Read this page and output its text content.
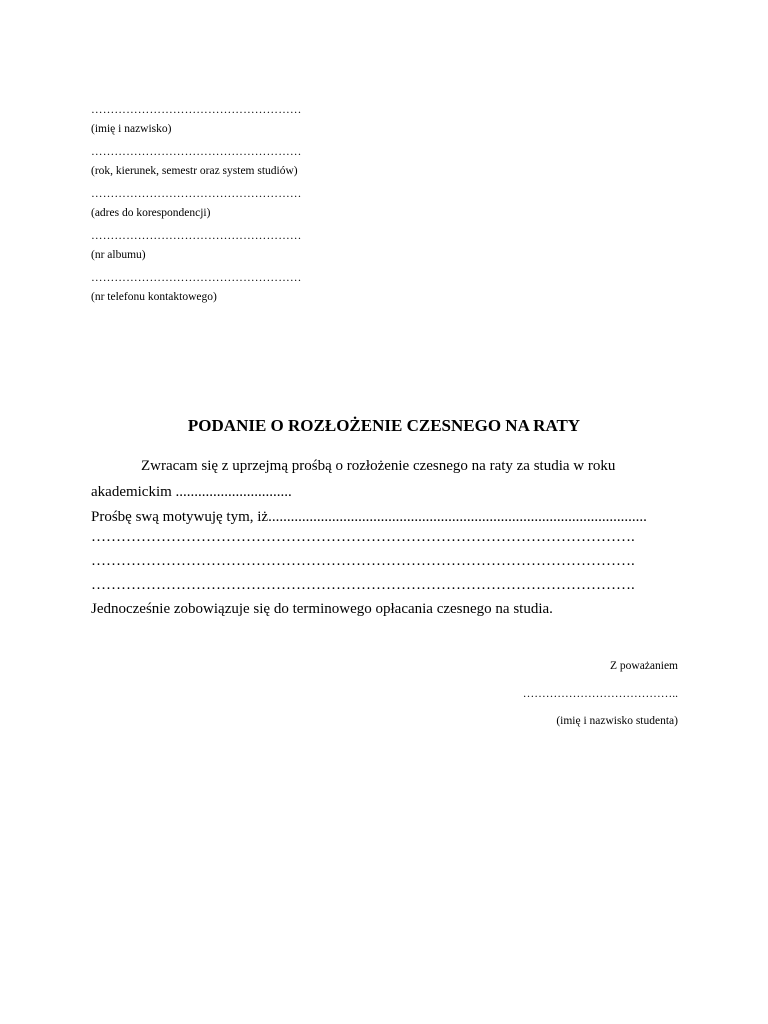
………………………………………………
(imię i nazwisko)
………………………………………………
(rok, kierunek, semestr oraz system studiów)
………………………………………………
(adres do korespondencji)
………………………………………………
(nr albumu)
………………………………………………
(nr telefonu kontaktowego)
PODANIE O ROZŁOŻENIE CZESNEGO NA RATY
Zwracam się z uprzejmą prośbą o rozłożenie czesnego na raty za studia w roku
akademickim ...............................
Prośbę swą motywuję tym, iż.....................................................................................................
……………………………………………………………………………………………….
……………………………………………………………………………………………….
……………………………………………………………………………………………….
Jednocześnie zobowiązuje się do terminowego opłacania czesnego na studia.
Z poważaniem
…………………………………..
(imię i nazwisko studenta)
